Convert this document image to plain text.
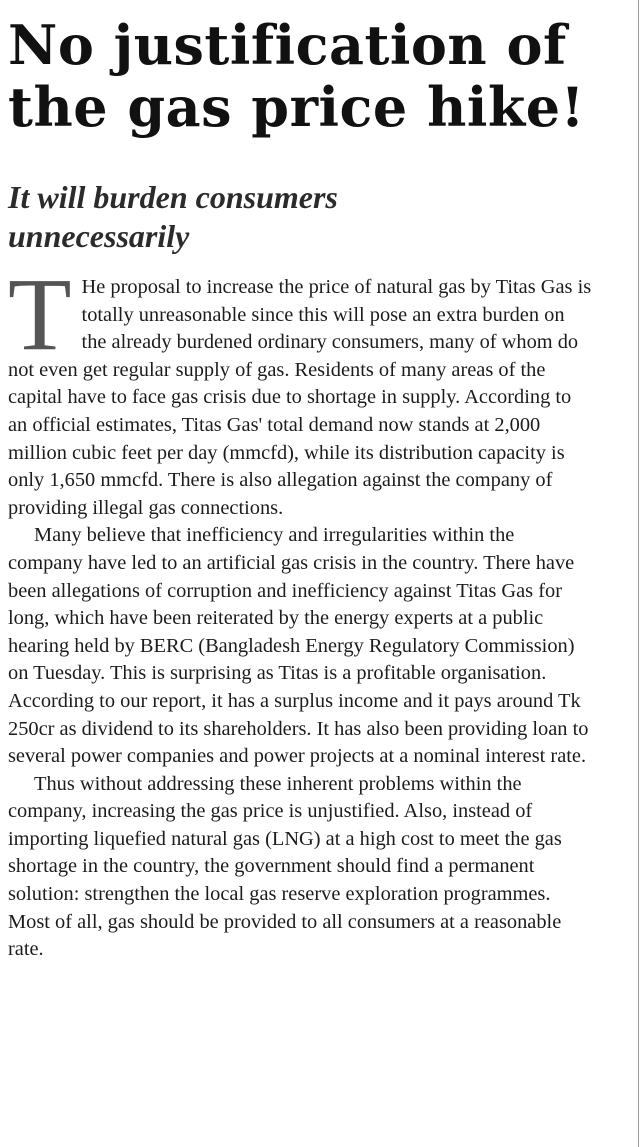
No justification of
the gas price hike!
It will burden consumers
unnecessarily

T He proposal to increase the price of natural gas by Titas Gas is totally unreasonable since this will pose an extra burden on the already burdened ordinary consumers, many of whom do not even get regular supply of gas. Residents of many areas of the capital have to face gas crisis due to shortage in supply. According to an official estimates, Titas Gas' total demand now stands at 2,000 million cubic feet per day (mmcfd), while its distribution capacity is only 1,650 mmcfd. There is also allegation against the company of providing illegal gas connections.

Many believe that inefficiency and irregularities within the company have led to an artificial gas crisis in the country. There have been allegations of corruption and inefficiency against Titas Gas for long, which have been reiterated by the energy experts at a public hearing held by BERC (Bangladesh Energy Regulatory Commission) on Tuesday. This is surprising as Titas is a profitable organisation. According to our report, it has a surplus income and it pays around Tk 250cr as dividend to its shareholders. It has also been providing loan to several power companies and power projects at a nominal interest rate.

Thus without addressing these inherent problems within the company, increasing the gas price is unjustified. Also, instead of importing liquefied natural gas (LNG) at a high cost to meet the gas shortage in the country, the government should find a permanent solution: strengthen the local gas reserve exploration programmes. Most of all, gas should be provided to all consumers at a reasonable rate.
